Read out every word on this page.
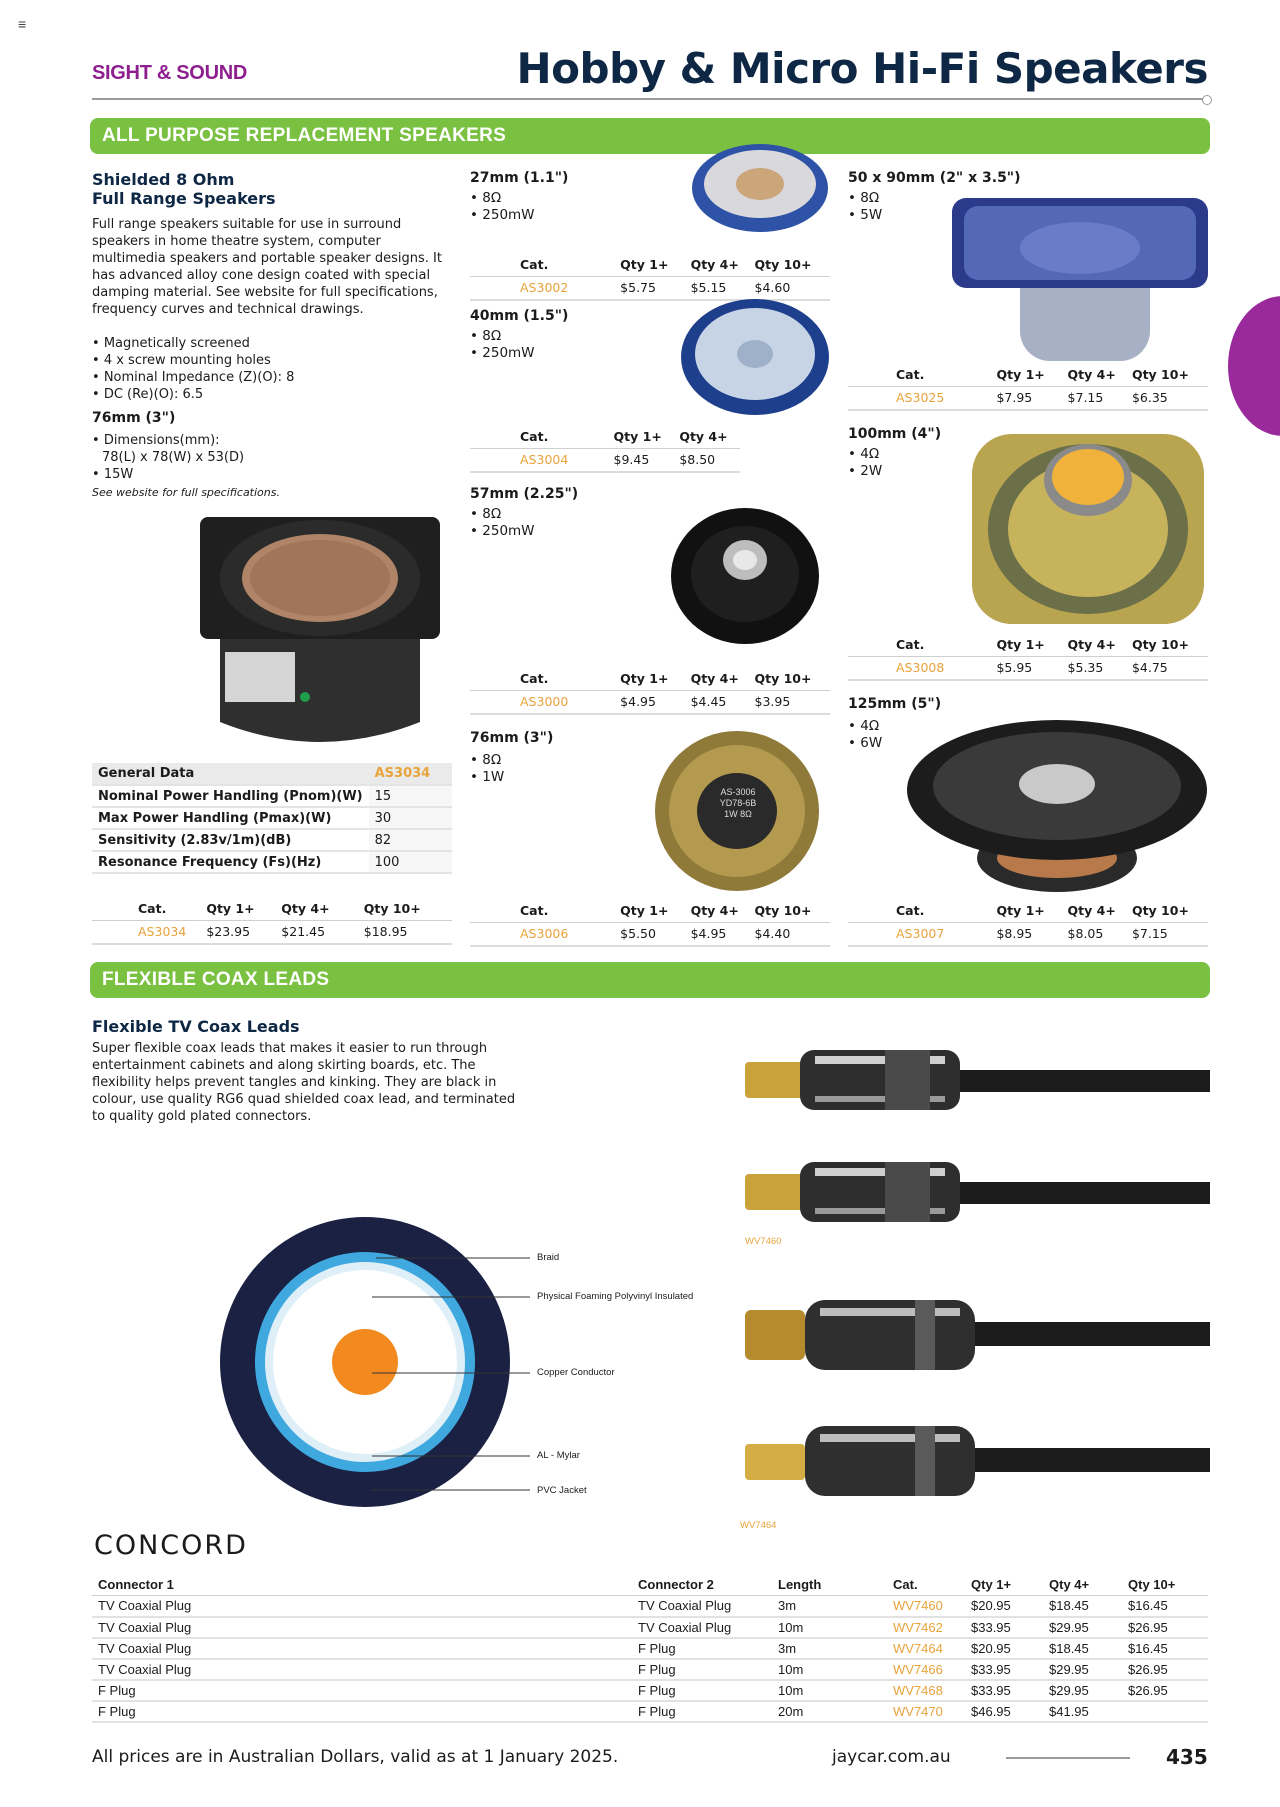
≡
SIGHT & SOUND	Hobby & Micro Hi-Fi Speakers
ALL PURPOSE REPLACEMENT SPEAKERS
Shielded 8 Ohm
Full Range Speakers
Full range speakers suitable for use in surround speakers in home theatre system, computer multimedia speakers and portable speaker designs. It has advanced alloy cone design coated with special damping material. See website for full specifications, frequency curves and technical drawings.
• Magnetically screened
• 4 x screw mounting holes
• Nominal Impedance (Z)(O): 8
• DC (Re)(O): 6.5
76mm (3")
• Dimensions(mm):
78(L) x 78(W) x 53(D)
• 15W
See website for full specifications.
General Data	AS3034
Nominal Power Handling (Pnom)(W)	15
Max Power Handling (Pmax)(W)	30
Sensitivity (2.83v/1m)(dB)	82
Resonance Frequency (Fs)(Hz)	100
Cat.	Qty 1+	Qty 4+	Qty 10+
AS3034	$23.95	$21.45	$18.95
27mm (1.1")
• 8Ω
• 250mW
Cat.	Qty 1+	Qty 4+	Qty 10+
AS3002	$5.75	$5.15	$4.60
40mm (1.5")
• 8Ω
• 250mW
Cat.	Qty 1+	Qty 4+
AS3004	$9.45	$8.50
57mm (2.25")
• 8Ω
• 250mW
Cat.	Qty 1+	Qty 4+	Qty 10+
AS3000	$4.95	$4.45	$3.95
76mm (3")
• 8Ω
• 1W
AS-3006
YD78-6B
1W 8Ω
Cat.	Qty 1+	Qty 4+	Qty 10+
AS3006	$5.50	$4.95	$4.40
50 x 90mm (2" x 3.5")
• 8Ω
• 5W
Cat.	Qty 1+	Qty 4+	Qty 10+
AS3025	$7.95	$7.15	$6.35
100mm (4")
• 4Ω
• 2W
Cat.	Qty 1+	Qty 4+	Qty 10+
AS3008	$5.95	$5.35	$4.75
125mm (5")
• 4Ω
• 6W
Cat.	Qty 1+	Qty 4+	Qty 10+
AS3007	$8.95	$8.05	$7.15
FLEXIBLE COAX LEADS
Flexible TV Coax Leads
Super flexible coax leads that makes it easier to run through entertainment cabinets and along skirting boards, etc. The flexibility helps prevent tangles and kinking. They are black in colour, use quality RG6 quad shielded coax lead, and terminated to quality gold plated connectors.
Braid
Physical Foaming Polyvinyl Insulated
Copper Conductor
AL - Mylar
PVC Jacket
WV7460
WV7464
CONCORD
Connector 1	Connector 2	Length	Cat.	Qty 1+	Qty 4+	Qty 10+
TV Coaxial Plug	TV Coaxial Plug	3m	WV7460	$20.95	$18.45	$16.45
TV Coaxial Plug	TV Coaxial Plug	10m	WV7462	$33.95	$29.95	$26.95
TV Coaxial Plug	F Plug	3m	WV7464	$20.95	$18.45	$16.45
TV Coaxial Plug	F Plug	10m	WV7466	$33.95	$29.95	$26.95
F Plug	F Plug	10m	WV7468	$33.95	$29.95	$26.95
F Plug	F Plug	20m	WV7470	$46.95	$41.95	
All prices are in Australian Dollars, valid as at 1 January 2025.	jaycar.com.au	435
